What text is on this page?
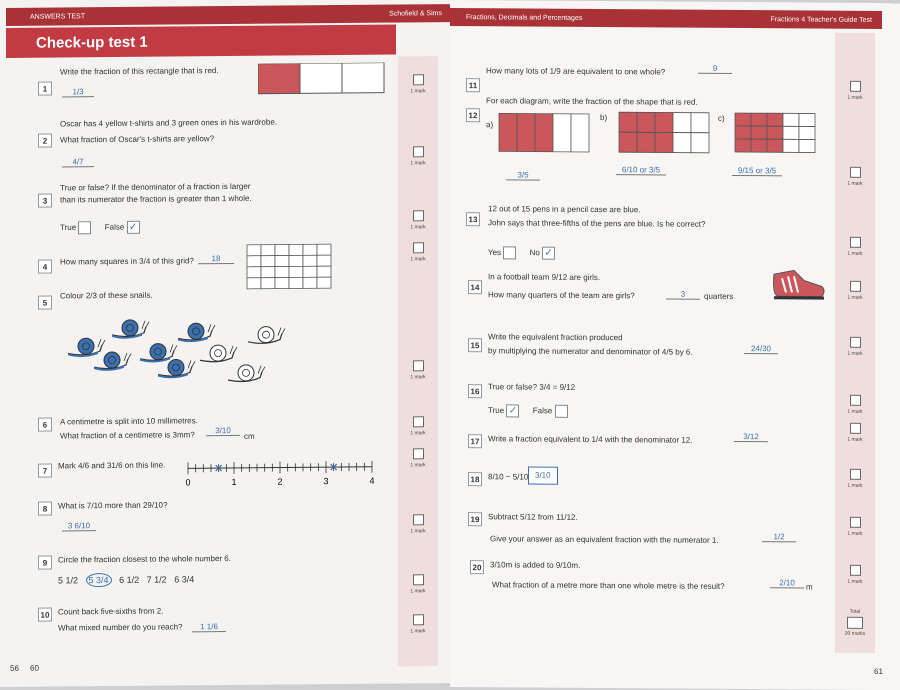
ANSWERS TEST	Schofield & Sims
Check-up test 1
1
Write the fraction of this rectangle that is red.
1/3
2
Oscar has 4 yellow t-shirts and 3 green ones in his wardrobe.
What fraction of Oscar's t-shirts are yellow?
4/7
3
True or false? If the denominator of a fraction is larger
than its numerator the fraction is greater than 1 whole.
True	False ✓
4
How many squares in 3/4 of this grid?	18
5
Colour 2/3 of these snails.
6	A centimetre is split into 10 millimetres.
What fraction of a centimetre is 3mm?	3/10
cm
7
Mark 4/6 and 31/6 on this line.
0	1	2	3	4
8	What is 7/10 more than 29/10?
3 6/10
9	Circle the fraction closest to the whole number 6.
5 1/2 5 3/4 6 1/2 7 1/2 6 3/4
10	Count back five-sixths from 2.
What mixed number do you reach?	1 1/6
1 mark
1 mark
1 mark
1 mark
1 mark
1 mark
1 mark
1 mark
1 mark
1 mark
56 60
Fractions, Decimals and Percentages	Fractions 4 Teacher's Guide Test
11
How many lots of 1/9 are equivalent to one whole?	9
12
For each diagram, write the fraction of the shape that is red.
a)
b)	c)
3/5
6/10 or 3/5	9/15 or 3/5
13
12 out of 15 pens in a pencil case are blue.
John says that three-fifths of the pens are blue. Is he correct?
Yes	No ✓
14
In a football team 9/12 are girls.
How many quarters of the team are girls?	3	quarters
15
Write the equivalent fraction produced
by multiplying the numerator and denominator of 4/5 by 6.	24/30
16	True or false? 3/4 = 9/12
True ✓ False
17	Write a fraction equivalent to 1/4 with the denominator 12.	3/12
18	8/10 − 5/10 3/10
19	Subtract 5/12 from 11/12.
Give your answer as an equivalent fraction with the numerator 1.	1/2
20	3/10m is added to 9/10m.
What fraction of a metre more than one whole metre is the result?	2/10	m
1 mark
1 mark
1 mark
1 mark
1 mark
1 mark
1 mark
1 mark
1 mark
1 mark
Total
20 marks
61
